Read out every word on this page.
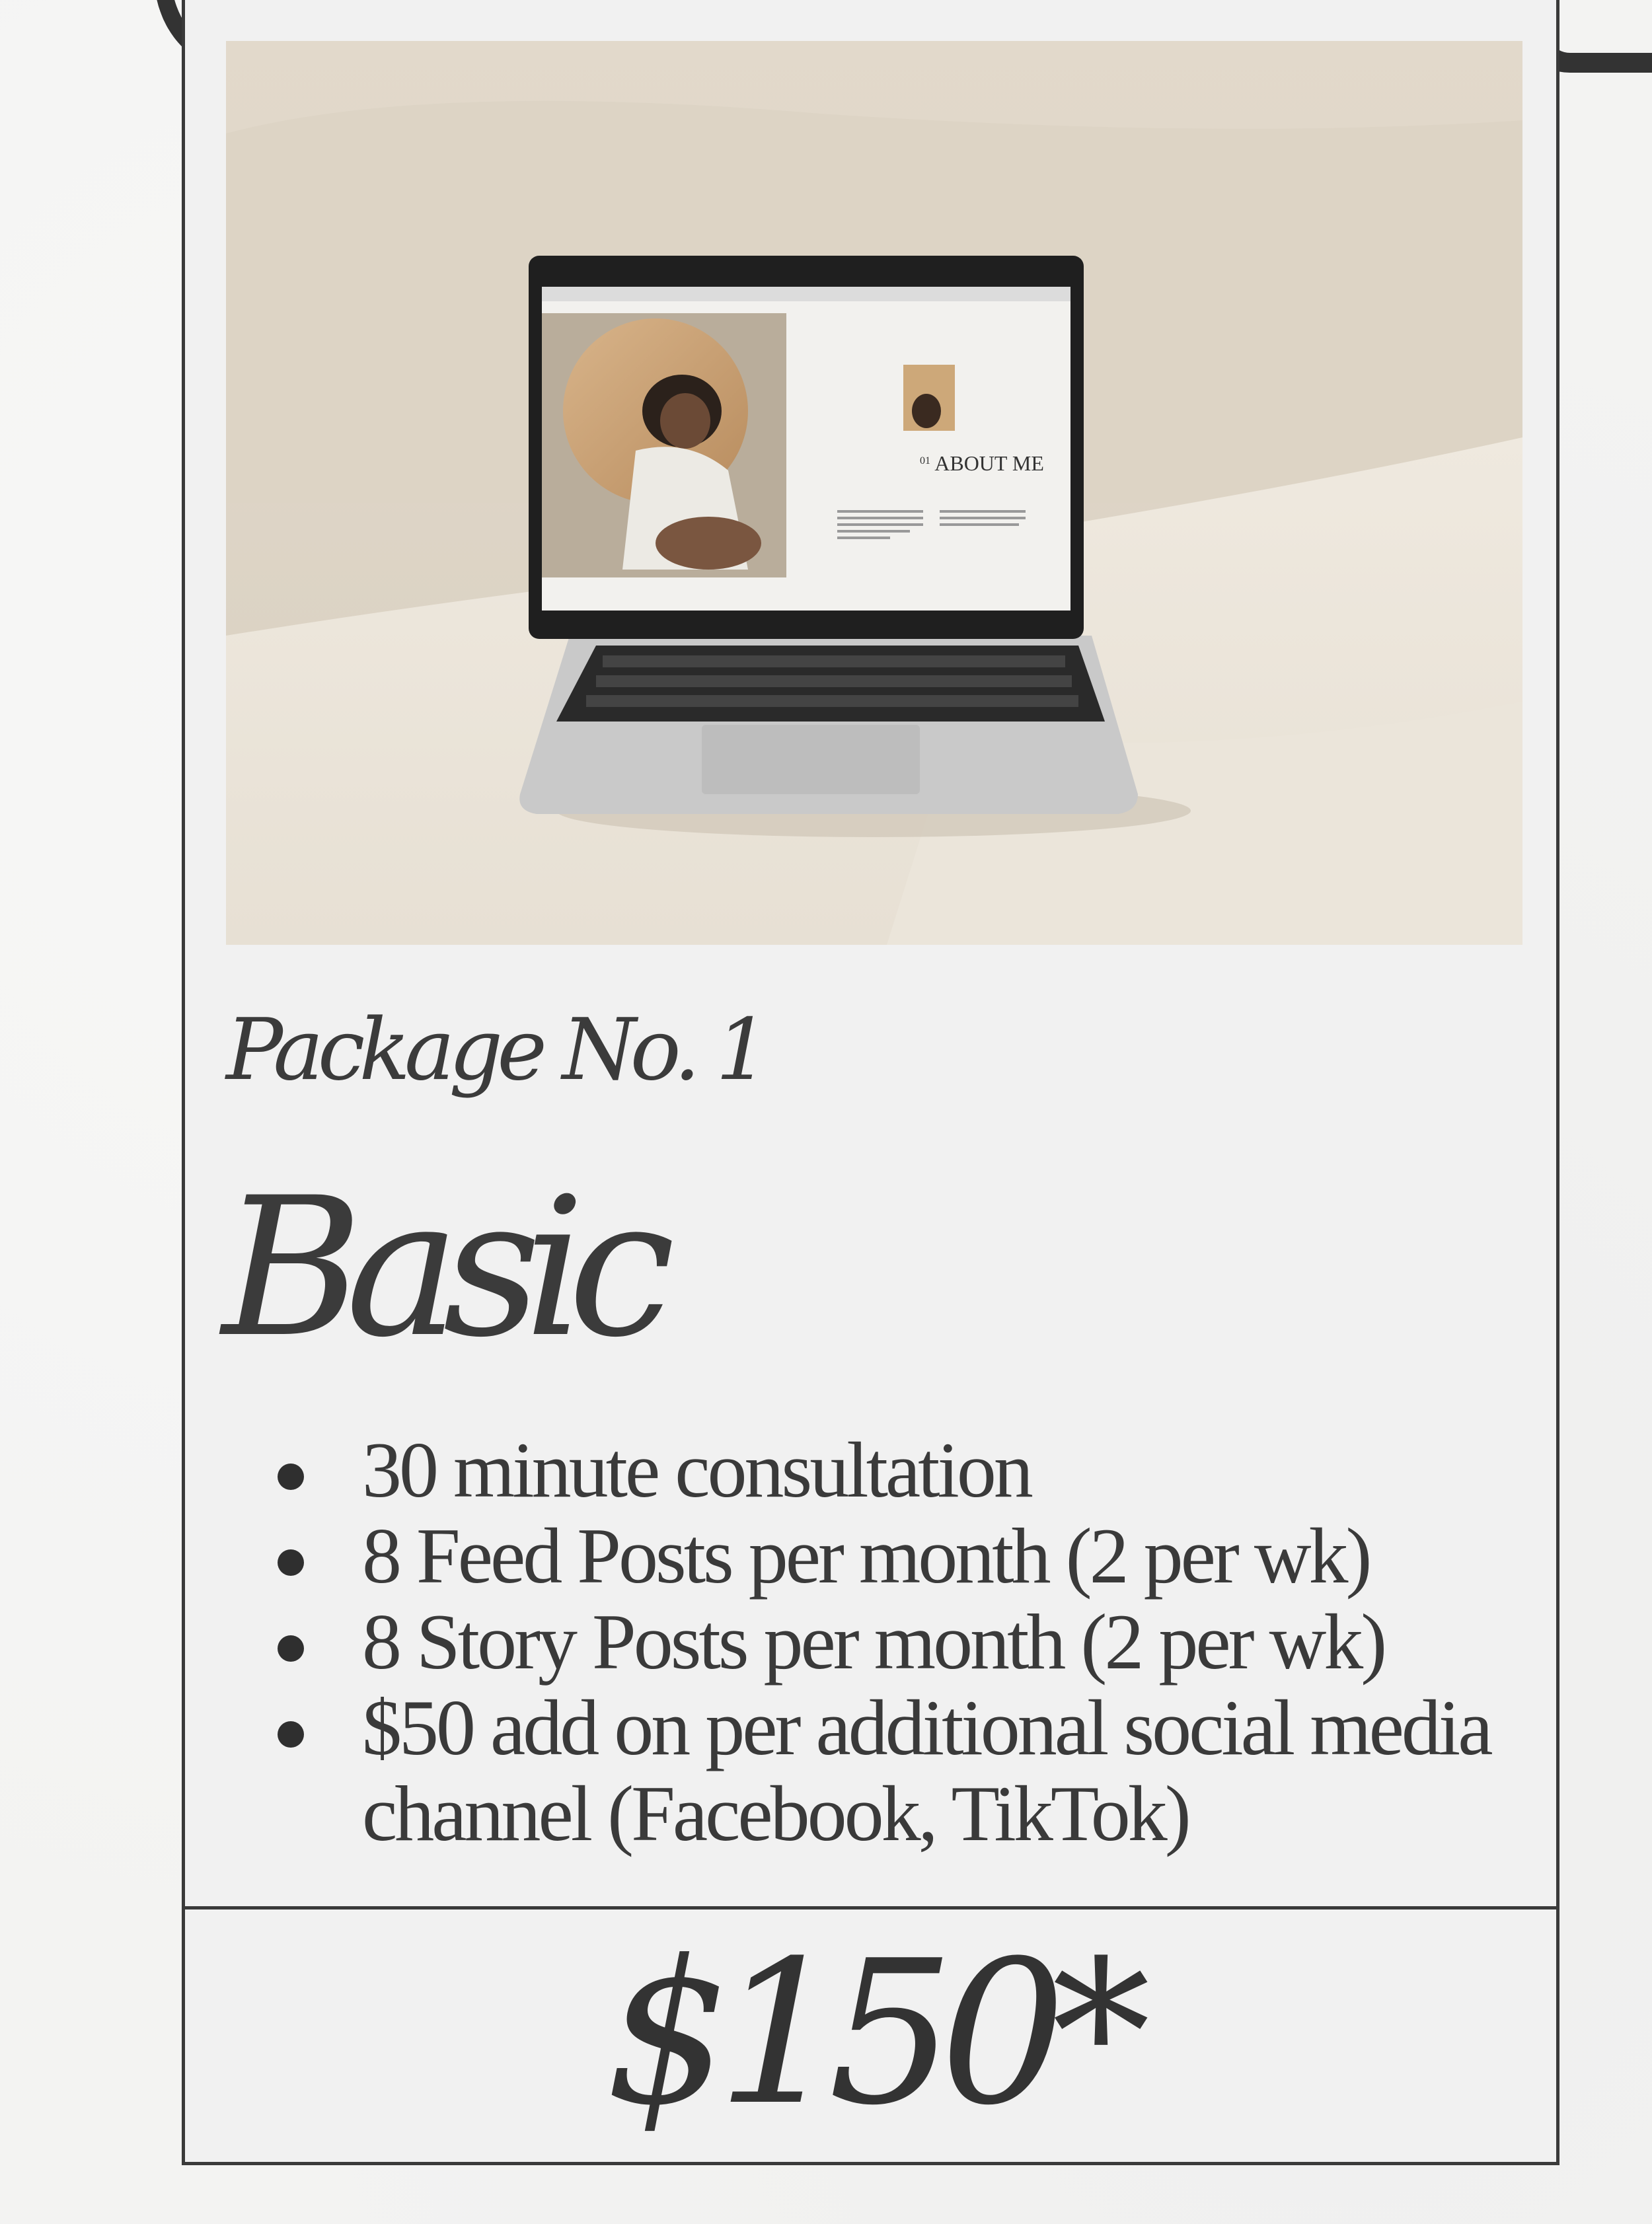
$^{01}$ ABOUT ME
Package No. 1
Basic
30 minute consultation
8 Feed Posts per month (2 per wk)
8 Story Posts per month (2 per wk)
$50 add on per additional social media channel (Facebook, TikTok)
$150*
